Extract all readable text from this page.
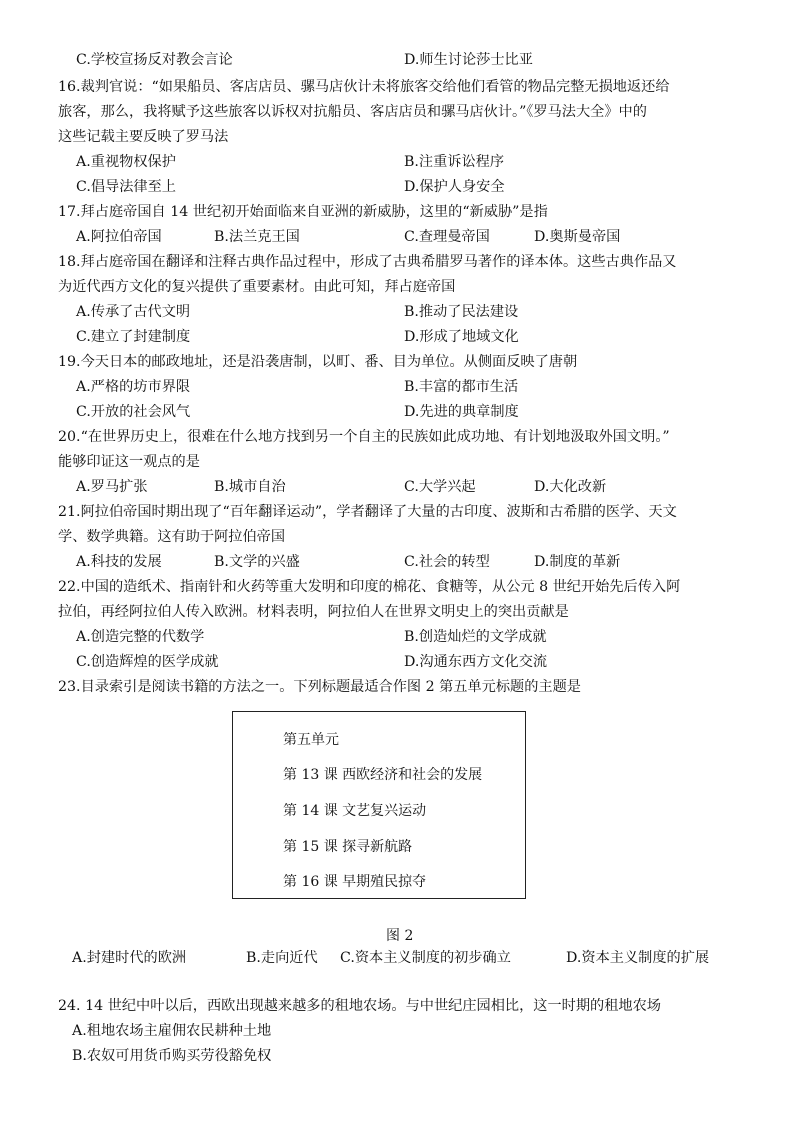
C.学校宣扬反对教会言论	D.师生讨论莎士比亚
16.裁判官说：“如果船员、客店店员、骡马店伙计未将旅客交给他们看管的物品完整无损地返还给
旅客，那么，我将赋予这些旅客以诉权对抗船员、客店店员和骡马店伙计。”《罗马法大全》中的
这些记载主要反映了罗马法
A.重视物权保护	B.注重诉讼程序
C.倡导法律至上	D.保护人身安全
17.拜占庭帝国自 14 世纪初开始面临来自亚洲的新威胁，这里的“新威胁”是指
A.阿拉伯帝国	B.法兰克王国	C.查理曼帝国	D.奥斯曼帝国
18.拜占庭帝国在翻译和注释古典作品过程中，形成了古典希腊罗马著作的译本体。这些古典作品又
为近代西方文化的复兴提供了重要素材。由此可知，拜占庭帝国
A.传承了古代文明	B.推动了民法建设
C.建立了封建制度	D.形成了地域文化
19.今天日本的邮政地址，还是沿袭唐制，以町、番、目为单位。从侧面反映了唐朝
A.严格的坊市界限	B.丰富的都市生活
C.开放的社会风气	D.先进的典章制度
20.“在世界历史上，很难在什么地方找到另一个自主的民族如此成功地、有计划地汲取外国文明。”
能够印证这一观点的是
A.罗马扩张	B.城市自治	C.大学兴起	D.大化改新
21.阿拉伯帝国时期出现了“百年翻译运动”，学者翻译了大量的古印度、波斯和古希腊的医学、天文
学、数学典籍。这有助于阿拉伯帝国
A.科技的发展	B.文学的兴盛	C.社会的转型	D.制度的革新
22.中国的造纸术、指南针和火药等重大发明和印度的棉花、食糖等，从公元 8 世纪开始先后传入阿
拉伯，再经阿拉伯人传入欧洲。材料表明，阿拉伯人在世界文明史上的突出贡献是
A.创造完整的代数学	B.创造灿烂的文学成就
C.创造辉煌的医学成就	D.沟通东西方文化交流
23.目录索引是阅读书籍的方法之一。下列标题最适合作图 2 第五单元标题的主题是
第五单元
第 13 课 西欧经济和社会的发展
第 14 课 文艺复兴运动
第 15 课 探寻新航路
第 16 课 早期殖民掠夺
图 2
A.封建时代的欧洲	B.走向近代 C.资本主义制度的初步确立	D.资本主义制度的扩展
24. 14 世纪中叶以后，西欧出现越来越多的租地农场。与中世纪庄园相比，这一时期的租地农场
A.租地农场主雇佣农民耕种土地
B.农奴可用货币购买劳役豁免权
